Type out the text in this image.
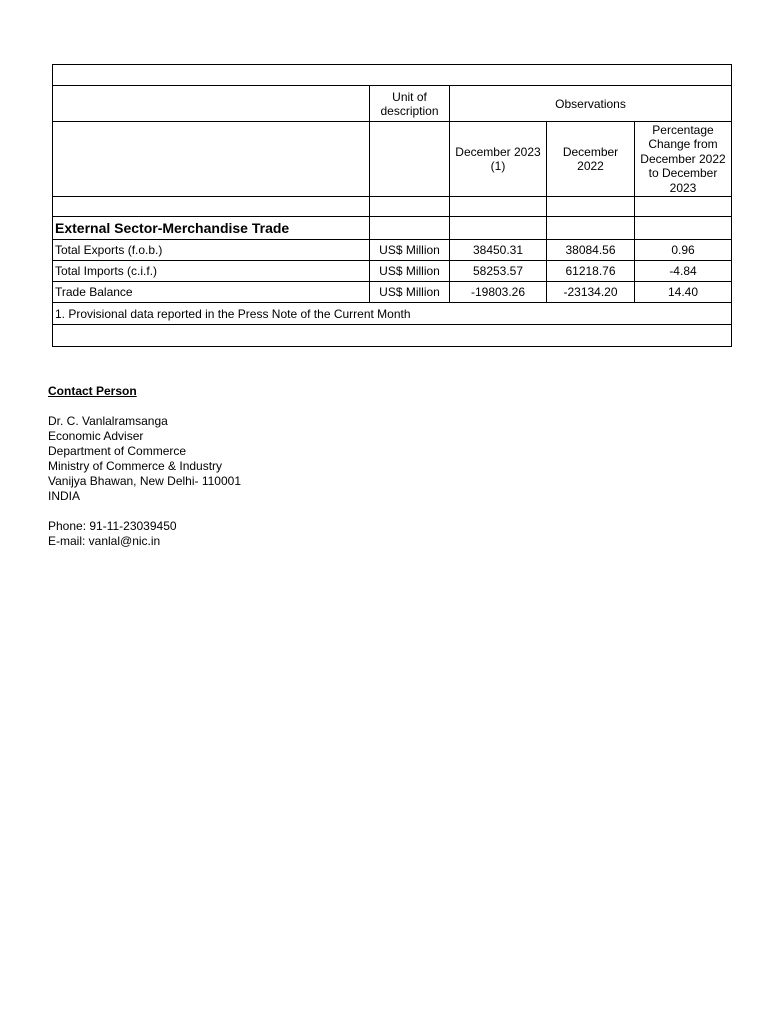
	Unit of description	Observations		
		December 2023 (1)	December 2022	Percentage Change from December 2022 to December 2023

External Sector-Merchandise Trade				
Total Exports (f.o.b.)	US$ Million	38450.31	38084.56	0.96
Total Imports (c.i.f.)	US$ Million	58253.57	61218.76	-4.84
Trade Balance	US$ Million	-19803.26	-23134.20	14.40
1. Provisional data reported in the Press Note of the Current Month				

Contact Person
Dr. C. Vanlalramsanga
Economic Adviser
Department of Commerce
Ministry of Commerce & Industry
Vanijya Bhawan, New Delhi- 110001
INDIA
Phone: 91-11-23039450
E-mail: vanlal@nic.in
